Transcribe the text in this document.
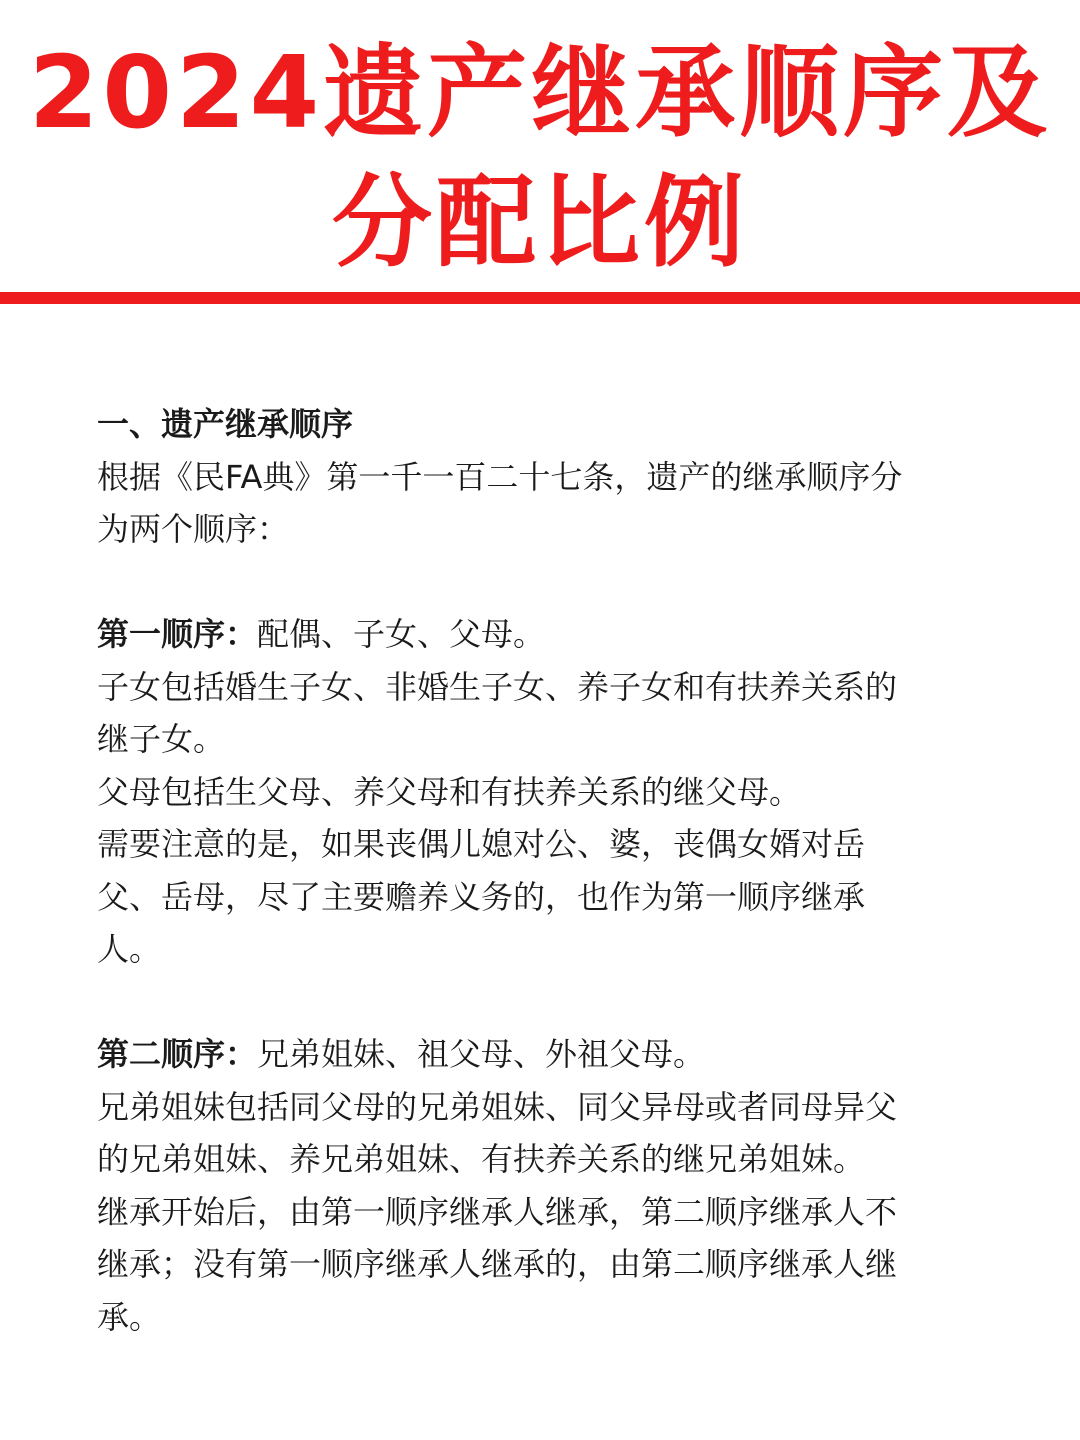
2024遗产继承顺序及
分配比例

一、遗产继承顺序

根据《民FA典》第一千一百二十七条，遗产的继承顺序分

为两个顺序：

第一顺序：配偶、子女、父母。

子女包括婚生子女、非婚生子女、养子女和有扶养关系的

继子女。

父母包括生父母、养父母和有扶养关系的继父母。

需要注意的是，如果丧偶儿媳对公、婆，丧偶女婿对岳

父、岳母，尽了主要赡养义务的，也作为第一顺序继承

人。

第二顺序：兄弟姐妹、祖父母、外祖父母。

兄弟姐妹包括同父母的兄弟姐妹、同父异母或者同母异父

的兄弟姐妹、养兄弟姐妹、有扶养关系的继兄弟姐妹。

继承开始后，由第一顺序继承人继承，第二顺序继承人不

继承；没有第一顺序继承人继承的，由第二顺序继承人继

承。
